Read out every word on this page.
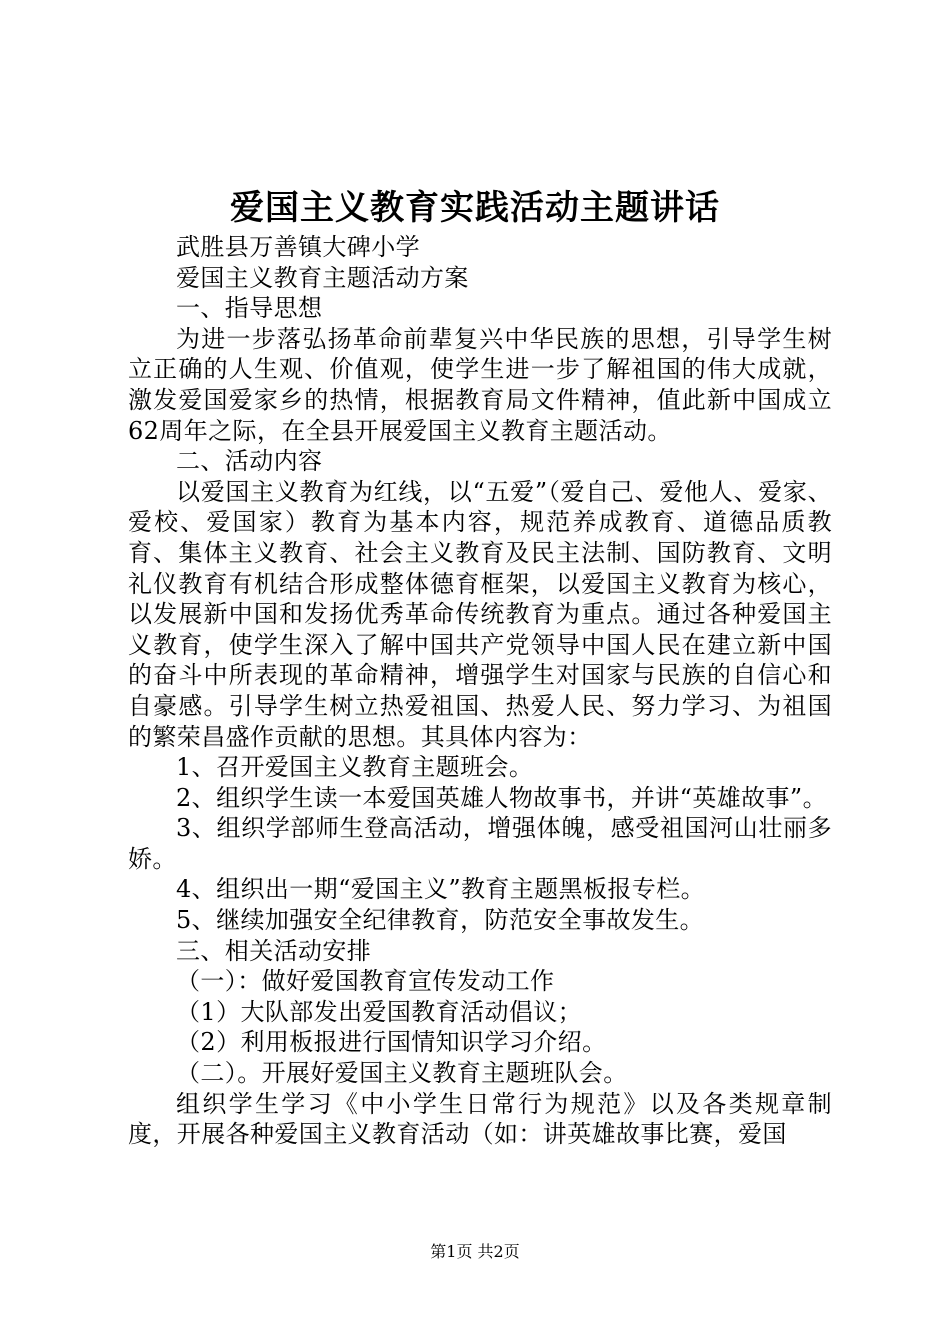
爱国主义教育实践活动主题讲话

武胜县万善镇大碑小学

爱国主义教育主题活动方案

一、指导思想

为进一步落弘扬革命前辈复兴中华民族的思想，引导学生树立正确的人生观、价值观，使学生进一步了解祖国的伟大成就，激发爱国爱家乡的热情，根据教育局文件精神，值此新中国成立62周年之际，在全县开展爱国主义教育主题活动。

二、活动内容

以爱国主义教育为红线，以“五爱”（爱自己、爱他人、爱家、爱校、爱国家）教育为基本内容，规范养成教育、道德品质教育、集体主义教育、社会主义教育及民主法制、国防教育、文明礼仪教育有机结合形成整体德育框架，以爱国主义教育为核心，以发展新中国和发扬优秀革命传统教育为重点。通过各种爱国主义教育，使学生深入了解中国共产党领导中国人民在建立新中国的奋斗中所表现的革命精神，增强学生对国家与民族的自信心和自豪感。引导学生树立热爱祖国、热爱人民、努力学习、为祖国的繁荣昌盛作贡献的思想。其具体内容为：

1、召开爱国主义教育主题班会。

2、组织学生读一本爱国英雄人物故事书，并讲“英雄故事”。

3、组织学部师生登高活动，增强体魄，感受祖国河山壮丽多娇。

4、组织出一期“爱国主义”教育主题黑板报专栏。

5、继续加强安全纪律教育，防范安全事故发生。

三、相关活动安排

（一）：做好爱国教育宣传发动工作

（1）大队部发出爱国教育活动倡议；

（2）利用板报进行国情知识学习介绍。

（二）。开展好爱国主义教育主题班队会。

组织学生学习《中小学生日常行为规范》以及各类规章制度，开展各种爱国主义教育活动（如：讲英雄故事比赛，爱国

第1页 共2页
